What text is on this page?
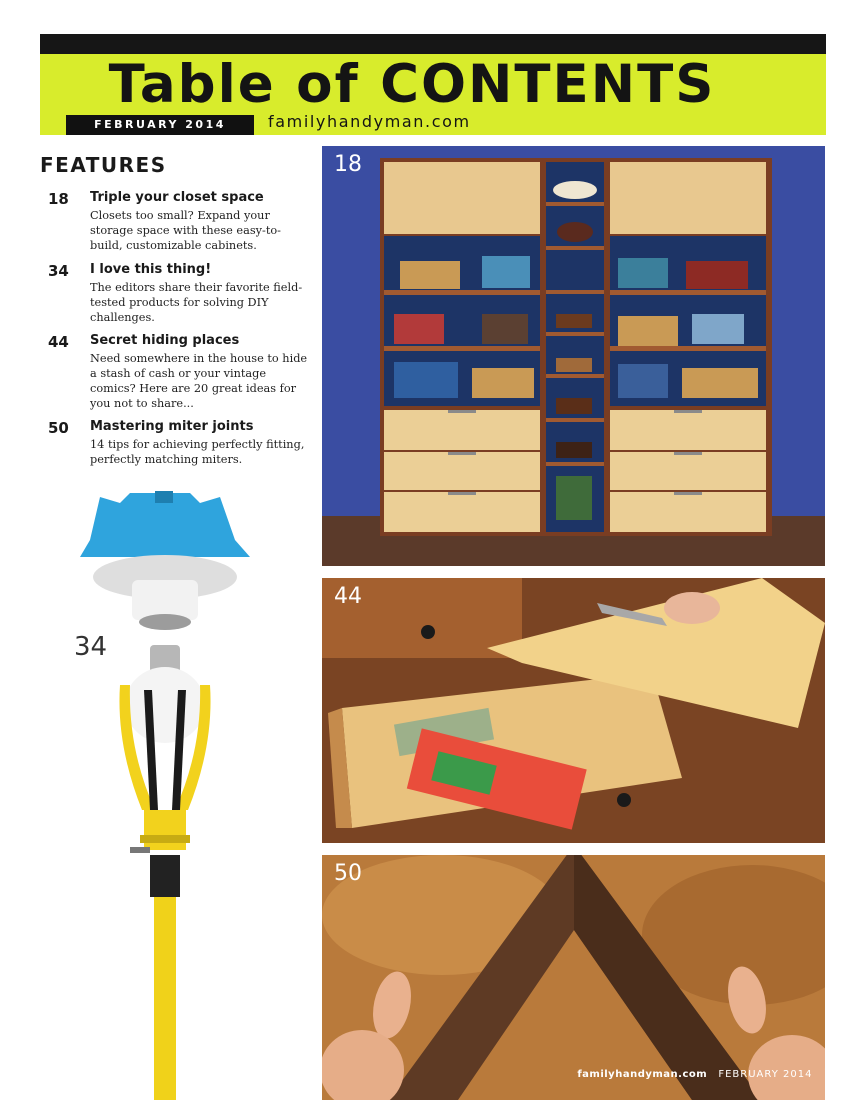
Table of CONTENTS
FEBRUARY 2014	familyhandyman.com
FEATURES
18	Triple your closet space
Closets too small? Expand your storage space with these easy-to-build, customizable cabinets.
34	I love this thing!
The editors share their favorite field-tested products for solving DIY challenges.
44	Secret hiding places
Need somewhere in the house to hide a stash of cash or your vintage comics? Here are 20 great ideas for you not to share...
50	Mastering miter joints
14 tips for achieving perfectly fitting, perfectly matching miters.
34
18
44
50
familyhandyman.com FEBRUARY 2014 1
